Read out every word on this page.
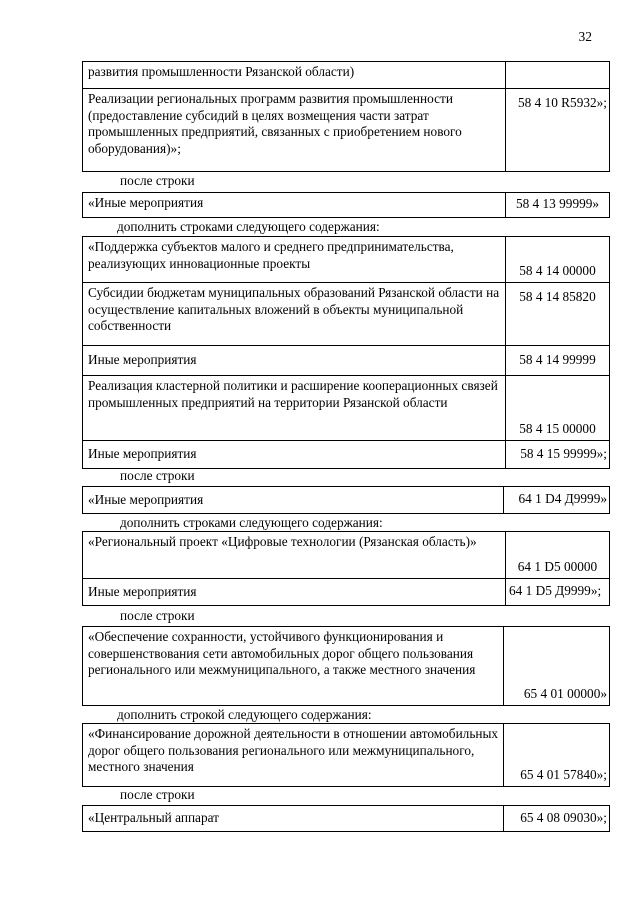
32
развития промышленности Рязанской области)	
Реализации региональных программ развития промышленности (предоставление субсидий в целях возмещения части затрат промышленных предприятий, связанных с приобретением нового оборудования)»;	58 4 10 R5932»;
после строки
«Иные мероприятия	58 4 13 99999»
дополнить строками следующего содержания:
«Поддержка субъектов малого и среднего предпринимательства, реализующих инновационные проекты	58 4 14 00000
Субсидии бюджетам муниципальных образований Рязанской области на осуществление капитальных вложений в объекты муниципальной собственности	58 4 14 85820
Иные мероприятия	58 4 14 99999
Реализация кластерной политики и расширение кооперационных связей промышленных предприятий на территории Рязанской области	58 4 15 00000
Иные мероприятия	58 4 15 99999»;
после строки
«Иные мероприятия	64 1 D4 Д9999»
дополнить строками следующего содержания:
«Региональный проект «Цифровые технологии (Рязанская область)»	64 1 D5 00000
Иные мероприятия	64 1 D5 Д9999»;
после строки
«Обеспечение сохранности, устойчивого функционирования и совершенствования сети автомобильных дорог общего пользования регионального или межмуниципального, а также местного значения	65 4 01 00000»
дополнить строкой следующего содержания:
«Финансирование дорожной деятельности в отношении автомобильных дорог общего пользования регионального или межмуниципального, местного значения	65 4 01 57840»;
после строки
«Центральный аппарат	65 4 08 09030»;
